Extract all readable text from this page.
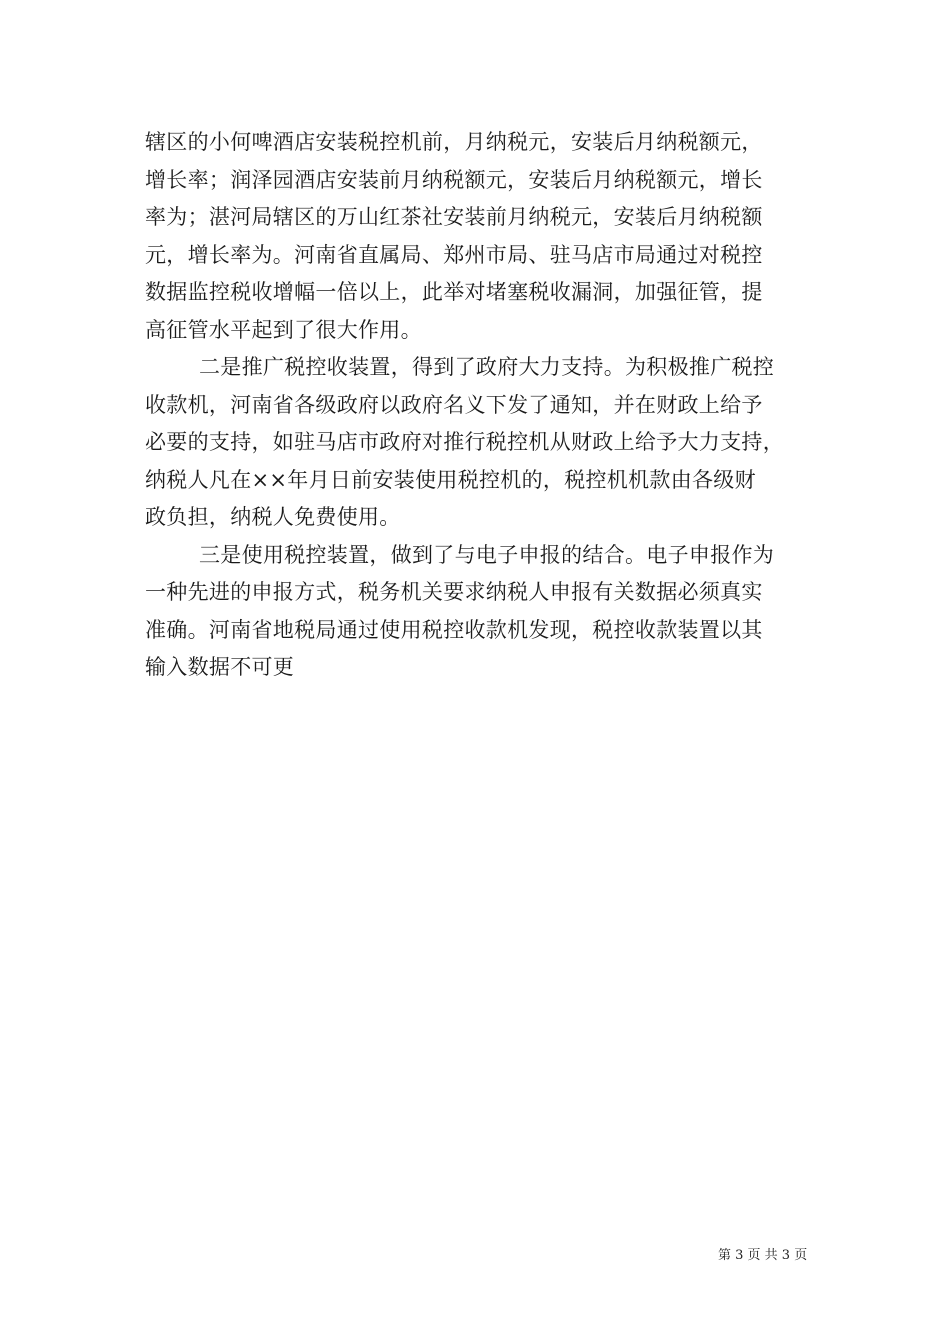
辖区的小何啤酒店安装税控机前，月纳税元，安装后月纳税额元，
增长率；润泽园酒店安装前月纳税额元，安装后月纳税额元，增长
率为；湛河局辖区的万山红茶社安装前月纳税元，安装后月纳税额
元，增长率为。河南省直属局、郑州市局、驻马店市局通过对税控
数据监控税收增幅一倍以上，此举对堵塞税收漏洞，加强征管，提
高征管水平起到了很大作用。
二是推广税控收装置，得到了政府大力支持。为积极推广税控
收款机，河南省各级政府以政府名义下发了通知，并在财政上给予
必要的支持，如驻马店市政府对推行税控机从财政上给予大力支持，
纳税人凡在××年月日前安装使用税控机的，税控机机款由各级财
政负担，纳税人免费使用。
三是使用税控装置，做到了与电子申报的结合。电子申报作为
一种先进的申报方式，税务机关要求纳税人申报有关数据必须真实
准确。河南省地税局通过使用税控收款机发现，税控收款装置以其
输入数据不可更
第 3 页 共 3 页
